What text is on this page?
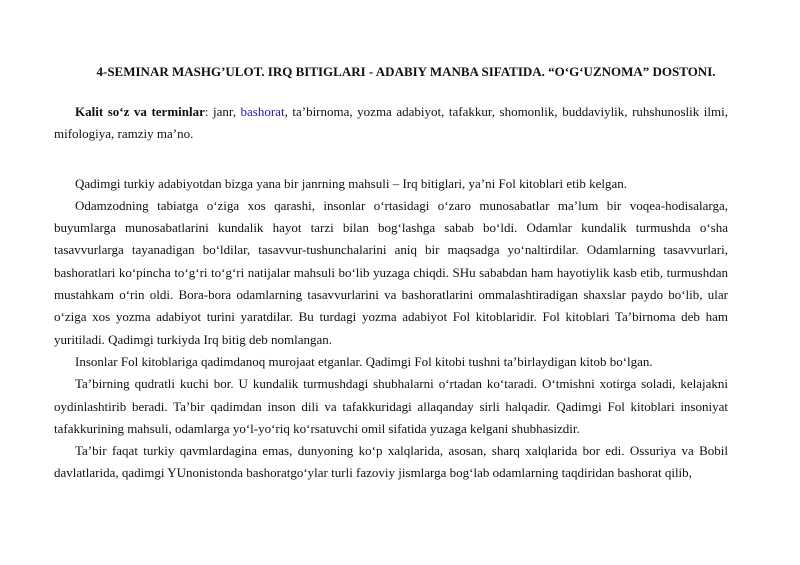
4-SEMINAR MASHG’ULOT. IRQ BITIGLARI - ADABIY MANBA SIFATIDA. “O‘G‘UZNOMA” DOSTONI.

Kalit so‘z va terminlar: janr, bashorat, ta’birnoma, yozma adabiyot, tafakkur, shomonlik, buddaviylik, ruhshunoslik ilmi, mifologiya, ramziy ma’no.

Qadimgi turkiy adabiyotdan bizga yana bir janrning mahsuli – Irq bitiglari, ya’ni Fol kitoblari etib kelgan.

Odamzodning tabiatga o‘ziga xos qarashi, insonlar o‘rtasidagi o‘zaro munosabatlar ma’lum bir voqea-hodisalarga, buyumlarga munosabatlarini kundalik hayot tarzi bilan bog‘lashga sabab bo‘ldi. Odamlar kundalik turmushda o‘sha tasavvurlarga tayanadigan bo‘ldilar, tasavvur-tushunchalarini aniq bir maqsadga yo‘naltirdilar. Odamlarning tasavvurlari, bashoratlari ko‘pincha to‘g‘ri to‘g‘ri natijalar mahsuli bo‘lib yuzaga chiqdi. SHu sababdan ham hayotiylik kasb etib, turmushdan mustahkam o‘rin oldi. Bora-bora odamlarning tasavvurlarini va bashoratlarini ommalashtiradigan shaxslar paydo bo‘lib, ular o‘ziga xos yozma adabiyot turini yaratdilar. Bu turdagi yozma adabiyot Fol kitoblaridir. Fol kitoblari Ta’birnoma deb ham yuritiladi. Qadimgi turkiyda Irq bitig deb nomlangan.

Insonlar Fol kitoblariga qadimdanoq murojaat etganlar. Qadimgi Fol kitobi tushni ta’birlaydigan kitob bo‘lgan.

Ta’birning qudratli kuchi bor. U kundalik turmushdagi shubhalarni o‘rtadan ko‘taradi. O‘tmishni xotirga soladi, kelajakni oydinlashtirib beradi. Ta’bir qadimdan inson dili va tafakkuridagi allaqanday sirli halqadir. Qadimgi Fol kitoblari insoniyat tafakkurining mahsuli, odamlarga yo‘l-yo‘riq ko‘rsatuvchi omil sifatida yuzaga kelgani shubhasizdir.

Ta’bir faqat turkiy qavmlardagina emas, dunyoning ko‘p xalqlarida, asosan, sharq xalqlarida bor edi. Ossuriya va Bobil davlatlarida, qadimgi YUnonistonda bashoratgo‘ylar turli fazoviy jismlarga bog‘lab odamlarning taqdiridan bashorat qilib,
